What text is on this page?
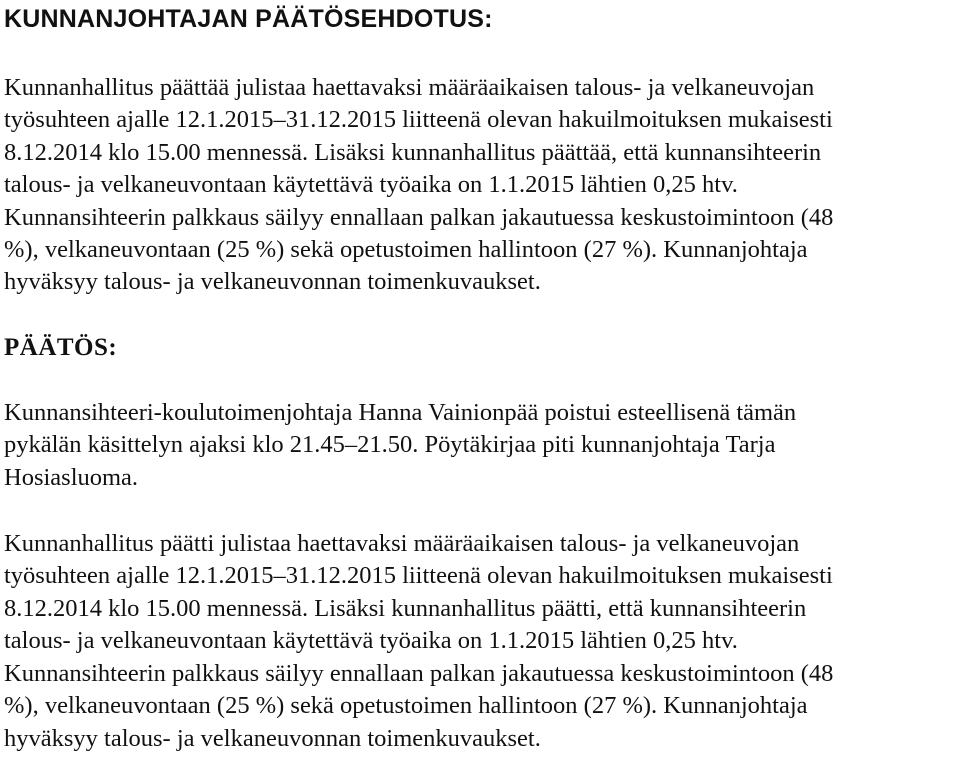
KUNNANJOHTAJAN PÄÄTÖSEHDOTUS:

Kunnanhallitus päättää julistaa haettavaksi määräaikaisen talous- ja velkaneuvojan
työsuhteen ajalle 12.1.2015–31.12.2015 liitteenä olevan hakuilmoituksen mukaisesti
8.12.2014 klo 15.00 mennessä. Lisäksi kunnanhallitus päättää, että kunnansihteerin
talous- ja velkaneuvontaan käytettävä työaika on 1.1.2015 lähtien 0,25 htv.
Kunnansihteerin palkkaus säilyy ennallaan palkan jakautuessa keskustoimintoon (48
%), velkaneuvontaan (25 %) sekä opetustoimen hallintoon (27 %). Kunnanjohtaja
hyväksyy talous- ja velkaneuvonnan toimenkuvaukset.

PÄÄTÖS:

Kunnansihteeri-koulutoimenjohtaja Hanna Vainionpää poistui esteellisenä tämän
pykälän käsittelyn ajaksi klo 21.45–21.50. Pöytäkirjaa piti kunnanjohtaja Tarja
Hosiasluoma.

Kunnanhallitus päätti julistaa haettavaksi määräaikaisen talous- ja velkaneuvojan
työsuhteen ajalle 12.1.2015–31.12.2015 liitteenä olevan hakuilmoituksen mukaisesti
8.12.2014 klo 15.00 mennessä. Lisäksi kunnanhallitus päätti, että kunnansihteerin
talous- ja velkaneuvontaan käytettävä työaika on 1.1.2015 lähtien 0,25 htv.
Kunnansihteerin palkkaus säilyy ennallaan palkan jakautuessa keskustoimintoon (48
%), velkaneuvontaan (25 %) sekä opetustoimen hallintoon (27 %). Kunnanjohtaja
hyväksyy talous- ja velkaneuvonnan toimenkuvaukset.
